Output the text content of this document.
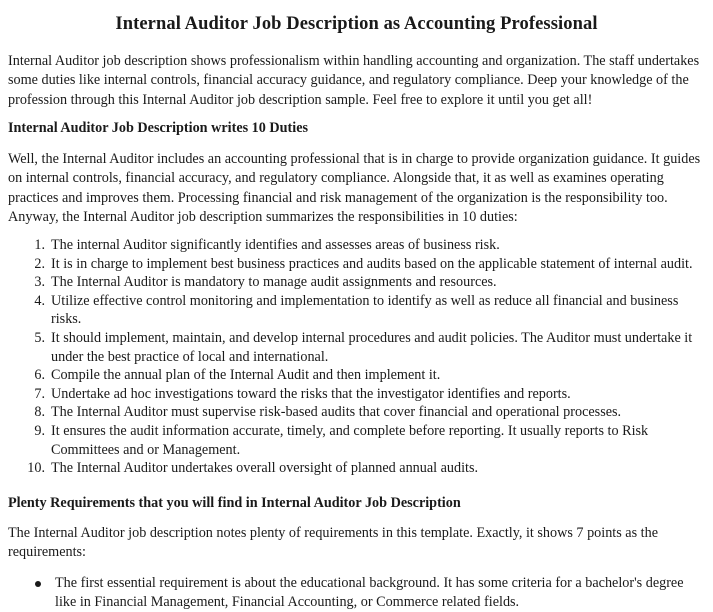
Internal Auditor Job Description as Accounting Professional

Internal Auditor job description shows professionalism within handling accounting and organization. The staff undertakes some duties like internal controls, financial accuracy guidance, and regulatory compliance. Deep your knowledge of the profession through this Internal Auditor job description sample. Feel free to explore it until you get all!

Internal Auditor Job Description writes 10 Duties

Well, the Internal Auditor includes an accounting professional that is in charge to provide organization guidance. It guides on internal controls, financial accuracy, and regulatory compliance. Alongside that, it as well as examines operating practices and improves them. Processing financial and risk management of the organization is the responsibility too. Anyway, the Internal Auditor job description summarizes the responsibilities in 10 duties:

1. The internal Auditor significantly identifies and assesses areas of business risk.
2. It is in charge to implement best business practices and audits based on the applicable statement of internal audit.
3. The Internal Auditor is mandatory to manage audit assignments and resources.
4. Utilize effective control monitoring and implementation to identify as well as reduce all financial and business risks.
5. It should implement, maintain, and develop internal procedures and audit policies. The Auditor must undertake it under the best practice of local and international.
6. Compile the annual plan of the Internal Audit and then implement it.
7. Undertake ad hoc investigations toward the risks that the investigator identifies and reports.
8. The Internal Auditor must supervise risk-based audits that cover financial and operational processes.
9. It ensures the audit information accurate, timely, and complete before reporting. It usually reports to Risk Committees and or Management.
10. The Internal Auditor undertakes overall oversight of planned annual audits.

Plenty Requirements that you will find in Internal Auditor Job Description

The Internal Auditor job description notes plenty of requirements in this template. Exactly, it shows 7 points as the requirements:

The first essential requirement is about the educational background. It has some criteria for a bachelor's degree like in Financial Management, Financial Accounting, or Commerce related fields.
